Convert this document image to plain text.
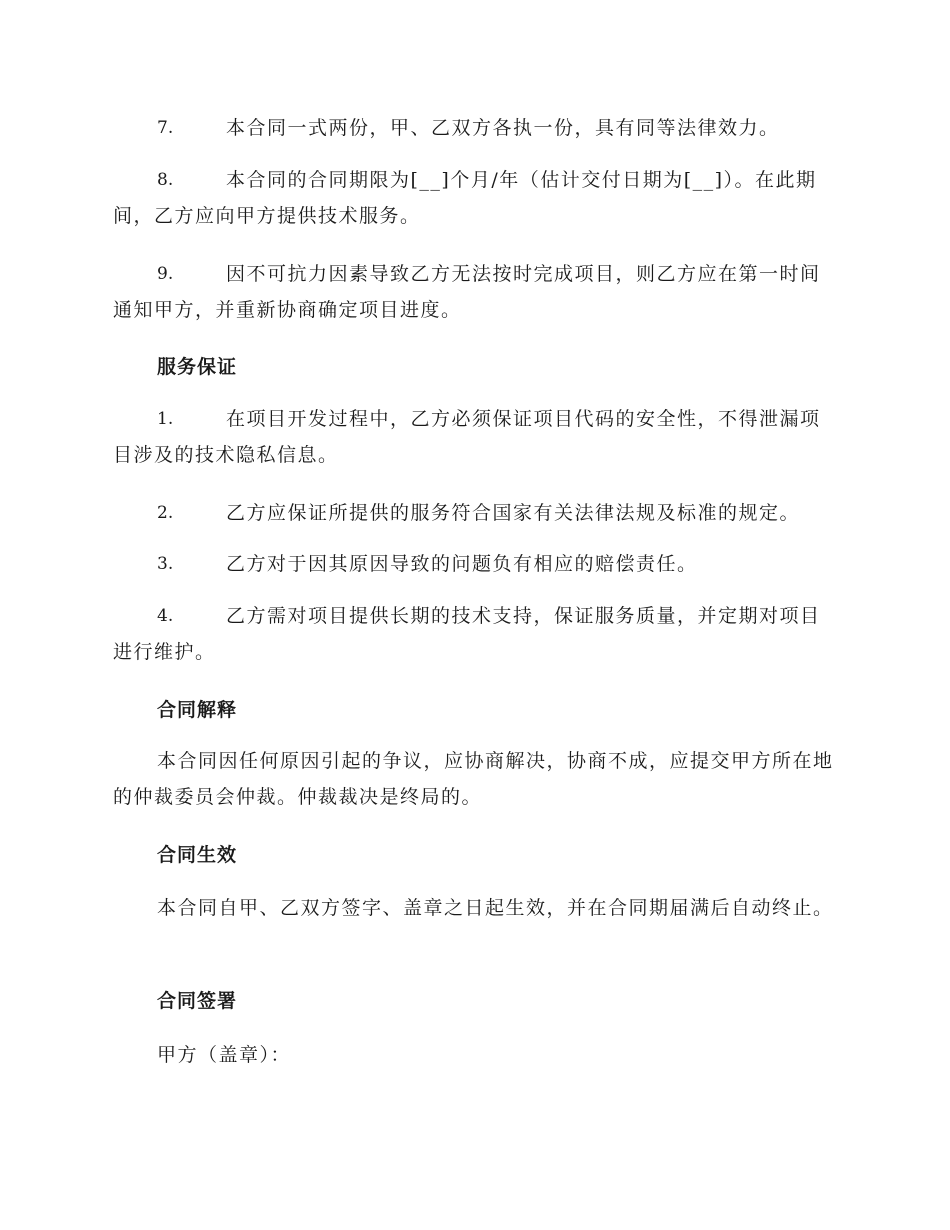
7.	本合同一式两份，甲、乙双方各执一份，具有同等法律效力。
8.	本合同的合同期限为[__]个月/年（估计交付日期为[__]）。在此期间，乙方应向甲方提供技术服务。
9.	因不可抗力因素导致乙方无法按时完成项目，则乙方应在第一时间通知甲方，并重新协商确定项目进度。
服务保证
1.	在项目开发过程中，乙方必须保证项目代码的安全性，不得泄漏项目涉及的技术隐私信息。
2.	乙方应保证所提供的服务符合国家有关法律法规及标准的规定。
3.	乙方对于因其原因导致的问题负有相应的赔偿责任。
4.	乙方需对项目提供长期的技术支持，保证服务质量，并定期对项目进行维护。
合同解释
本合同因任何原因引起的争议，应协商解决，协商不成，应提交甲方所在地的仲裁委员会仲裁。仲裁裁决是终局的。
合同生效
本合同自甲、乙双方签字、盖章之日起生效，并在合同期届满后自动终止。
合同签署
甲方（盖章）：
